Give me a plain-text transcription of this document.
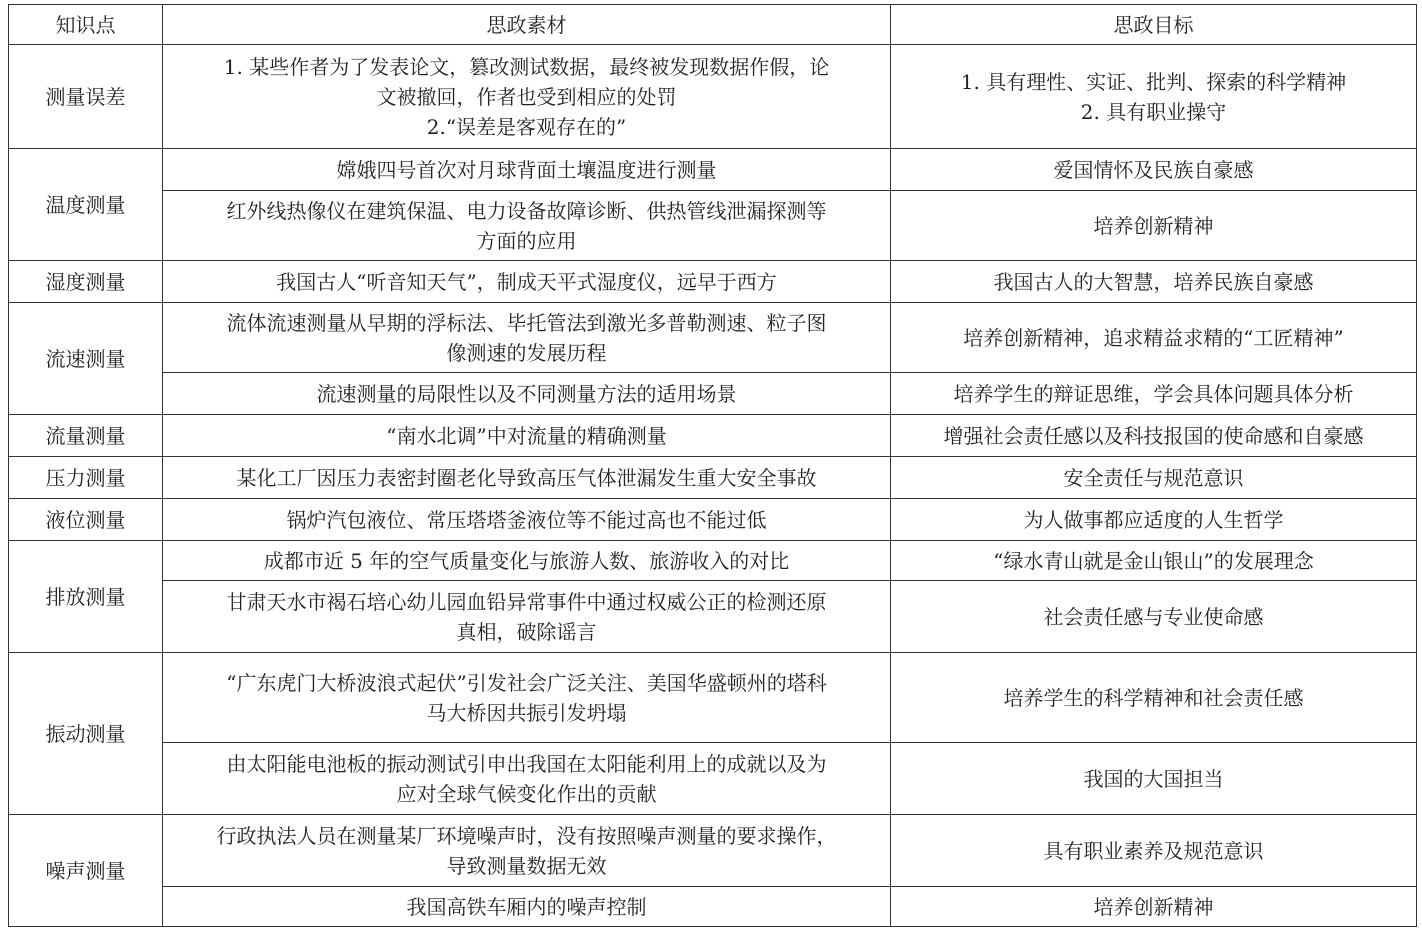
知识点	思政素材	思政目标
测量误差	1. 某些作者为了发表论文，篡改测试数据，最终被发现数据作假，论
文被撤回，作者也受到相应的处罚
2.“误差是客观存在的”	1. 具有理性、实证、批判、探索的科学精神
2. 具有职业操守

温度测量	嫦娥四号首次对月球背面土壤温度进行测量	爱国情怀及民族自豪感

	红外线热像仪在建筑保温、电力设备故障诊断、供热管线泄漏探测等
方面的应用	培养创新精神

湿度测量	我国古人“听音知天气”，制成天平式湿度仪，远早于西方	我国古人的大智慧，培养民族自豪感

流速测量	流体流速测量从早期的浮标法、毕托管法到激光多普勒测速、粒子图
像测速的发展历程	培养创新精神，追求精益求精的“工匠精神”

	流速测量的局限性以及不同测量方法的适用场景	培养学生的辩证思维，学会具体问题具体分析

流量测量	“南水北调”中对流量的精确测量	增强社会责任感以及科技报国的使命感和自豪感

压力测量	某化工厂因压力表密封圈老化导致高压气体泄漏发生重大安全事故	安全责任与规范意识

液位测量	锅炉汽包液位、常压塔塔釜液位等不能过高也不能过低	为人做事都应适度的人生哲学

排放测量	成都市近 5 年的空气质量变化与旅游人数、旅游收入的对比	“绿水青山就是金山银山”的发展理念

	甘肃天水市褐石培心幼儿园血铅异常事件中通过权威公正的检测还原
真相，破除谣言	社会责任感与专业使命感

振动测量	“广东虎门大桥波浪式起伏”引发社会广泛关注、美国华盛顿州的塔科
马大桥因共振引发坍塌	培养学生的科学精神和社会责任感

	由太阳能电池板的振动测试引申出我国在太阳能利用上的成就以及为
应对全球气候变化作出的贡献	我国的大国担当

噪声测量	行政执法人员在测量某厂环境噪声时，没有按照噪声测量的要求操作，
导致测量数据无效	具有职业素养及规范意识

	我国高铁车厢内的噪声控制	培养创新精神
